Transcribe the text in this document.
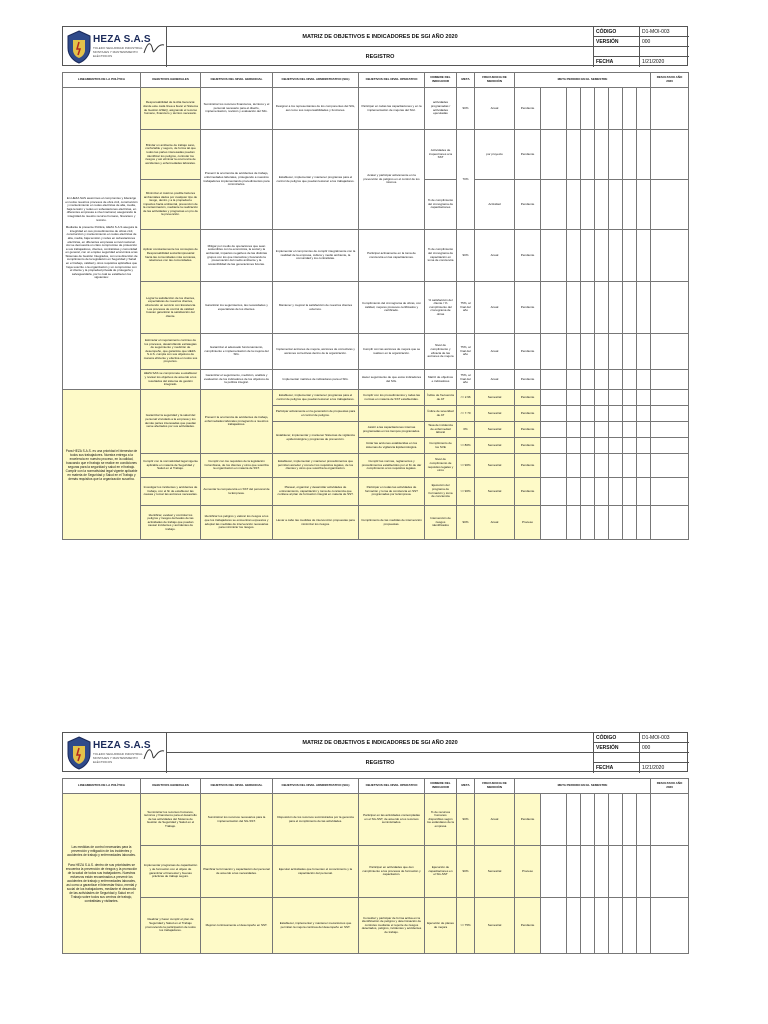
HEZA S.A.S
TOLEDO SEGURIDAD INDUSTRIAL MONTAJES Y MANTENIMIENTO ELÉCTRICOS
MATRIZ DE OBJETIVOS E INDICADORES DE SGI AÑO 2020
REGISTRO
CÓDIGO	D1-MOI-003
VERSIÓN	000
FECHA	1/21/2020
LINEAMIENTOS DE LA POLÍTICA	OBJETIVOS GENERALES	OBJETIVOS DEL NIVEL GERENCIAL	OBJETIVOS DEL NIVEL ADMINISTRATIVO (SIG)	OBJETIVOS DEL NIVEL OPERATIVO	NOMBRE DEL INDICADOR	META	FRECUENCIA DE MEDICIÓN	META PERIODO EN EL SEMESTRE								RESULTADO AÑO 2020

En HEZA SAS asumimos el compromiso y liderazgo en todos nuestros procesos de obra civil, construcción y mantenimiento en redes eléctricas de alta, media, baja tensión y redes en subestaciones eléctricas, en diferentes empresas a nivel nacional, asegurando la integridad de nuestro recurso humano, financiero y técnico.
Mediante la presente Política, HEZA S.A.S asegura la integridad en sus procedimientos de obras civil, construcción y mantenimiento en redes eléctricas de alta, media, baja tensión y redes en subestaciones eléctricas, en diferentes empresas a nivel nacional. Así se demuestra un claro compromiso de protección a sus trabajadores, clientes, contratistas y comunidad en general, con un empleo seguridad económica a las Sistemas de Gestión Integrados, con una dirección de cumplimiento de la legislación en Seguridad y Salud en el trabajo, calidad y otros requisitos aplicables que haya suscrito o la organización y un compromiso con el cliente y la propiedad privada de protegerla y salvaguardarla, por lo cual se establecen los siguientes:	Responsabilidad de la Alta Gerencia: donde este cada línea a llevar el Sistema de Gestión HSEQ, asignando el recurso humano, financiero y técnico necesario.	Suministrar los recursos financieros, técnicos y el personal necesario para el diseño, implementación, revisión y evaluación del SIG.	Designar a los representantes de los componentes del SIG, así como sus responsabilidades y funciones.	Participar en todas las capacitaciones y en la implementación de mejoras del SGI.	actividades programadas / actividades ejecutadas	90%	Anual	Pendiente								
	Brindar un ambiente de trabajo sano, confortable y seguro, de forma tal que todos las partes interesadas puedan identificar los peligros, controlar los riesgos y así eliminar la ocurrencia de accidentes y enfermedades laborales.	Prevenir la ocurrencia de accidentes de trabajo, enfermedades laborales, protegiendo a nuestros trabajadores implementando procedimientos para minimizarlos.	Establecer, implementar y mantener programas para el control de peligros que puedan lesionar a los trabajadores.	Acatar y participar activamente en la prevención de peligros en el control de los mismos.	Actividades de inspecciones a la SST	70%	por proyecto	Pendiente								
	Minimizar el máximo posible factores ambientales dados por cualquier tipo de riesgo, dentro y a la propiedad e impactos hacia ambiental, prevención de la contaminación, mediante la realización de las actividades y programas en pro de la prevención.				% de cumplimiento del cronograma de capacitaciones		Actividad	Pendiente								
	Aplicar constantemente los conceptos de Responsabilidad social Empresarial hacia las comunidades más cercanas, relaciones con las comunidades.	Mitigar por medio de operaciones que sean sostenibles con la económica, la social y la ambiental, impactos negativos de las distintas grupos con los que interactúa y buscando la preservación del medio ambiente y la sostenibilidad de las generaciones futuras.	Implementar el compromiso de cumplir integralmente con la realidad de la empresa, cultura y medio ambiente, la comunidad y los contratistas.	Participar activamente en la toma de conciencia en las capacitaciones.	% de cumplimiento del cronograma de capacitación en toma de conciencia	90%	Anual	Pendiente								
	Lograr la satisfacción de los clientes, expectativas de nuestros clientes, ofreciendo un servicio con Excelencia. Los procesos de control de calidad buscan garantizar la satisfacción del cliente.	Garantizar los seguimientos, las necesidades y expectativas de los clientes.	Mantener y mejorar la satisfacción de nuestros clientes externos.	Cumplimiento del cronograma de obras, con calidad, mejores procesos certificados y certificado.	% satisfacción del cliente / % cumplimiento del cronograma de obras	75%, al final del año	Anual	Pendiente								
	Estimular el mejoramiento continuo de los procesos, desarrollando estrategias de seguimiento y medición de desempeño, que garantice que HEZA S.A.S. cumpla con sus objetivos de manera eficiente y efectiva en todos sus proyectos.	Garantizar el adecuado funcionamiento, cumplimiento e implementación de la mejora del SIG.	Implementar acciones de mejora, acciones de correctivas y acciones correctivas dentro de la organización.	Cumplir con las acciones de mejora que se realicen en la organización.	Nivel de cumplimiento y eficacia de las acciones de mejora	75%, al final del año	Anual	Pendiente								
	HEZA SAS se compromete a establecer y revisar los objetivos de acuerdo a los resultados del sistema de gestión integrado.	Garantizar el seguimiento, medición, análisis y evaluación de los indicadores de los objetivos de la política integral.	Implementar matrices de indicadores para el SIG.	Hacer seguimiento de que estos indicadores del SIG.	Matriz de objetivos e indicadores	75%, al final del año	Anual	Pendiente								

Para HEZA S.A.S. es una prioridad el bienestar de todos sus trabajadores. Nuestra entrega a la excelencia en nuestro proceso, en la calidad, buscando que el trabajo se realice en condiciones seguras para la seguridad y salud en el trabajo. Cumplir con la normatividad legal vigente aplicable en materia de Seguridad y Salud en el Trabajo y demás requisitos que la organización suscriba.	Garantizar la seguridad y la salud del personal vinculado a la empresa y los demás partes interesadas que puedan verse afectados por sus actividades.	Prevenir la ocurrencia de accidentes de trabajo, enfermedades laborales protegiendo a nuestros trabajadores.	Establecer, implementar y mantener programas para el control de peligros que puedan lesionar a los trabajadores.	Cumplir con los procedimientos y todas las normas en materia de SST establecidas.	Índice de frecuencia de AT	<= 2.96	Semestral	Pendiente								
			Participar activamente en la generación de propuestas para el control de peligros.		Índice de severidad de AT	<= 7.70	Semestral	Pendiente								
			Establecer, implementar y mantener Sistemas de vigilancia epidemiológica y programas de prevención.	Asistir a las capacitaciones internas programadas en los tiempos programados.	Tasa de incidencia de enfermedad laboral	0%	Semestral	Pendiente								
				Imitar las acciones establecidas en los sistemas de vigilancia Epidemiológica.	Cumplimiento de los SVE	>= 80%	Semestral	Pendiente								
	Cumplir con la normatividad legal vigente aplicable en materia de Seguridad y Salud en el Trabajo.	Cumplir con los requisitos de la legislación Colombiana, de los clientes y otros que suscriba la organización en materia de SST.	Establecer, implementar y mantener procedimientos que permitan acceder y conocer los requisitos legales, de los clientes y otros que suscriba la organización.	Cumplir las normas, reglamentos y procedimientos establecidos por el fin de dar cumplimiento a los requisitos legales.	Nivel de cumplimiento de requisitos legales y otros	>= 90%	Semestral	Pendiente								
	Investigar los incidentes y accidentes de trabajo, con el fin de establecer las causas y tomar las acciones necesarias.	Aumentar la competencia en SST del personal de la Empresa.	Planear, organizar y desarrollar actividades de entrenamiento, capacitación y toma de conciencia que conlleve al plan de formación integral en materia de SST.	Participar en todas las actividades de formación y toma de conciencia en SST programadas por la Empresa.	Ejecución del programa de Formación y toma de conciencia	>= 90%	Semestral	Pendiente								
	Identificar, evaluar y controlar los peligros y riesgos derivados de las actividades de trabajo que puedan causar incidentes y accidentes de trabajo.	Identificar los peligros y valorar los riesgos a los que los trabajadores se encuentran expuestos y adoptar las medidas de intervención necesarias para minimizar los riesgos.	Llevar a cabo las medidas de intervención propuestas para minimizar los riesgos.	Cumplimiento de las medidas de intervención propuestas.	Intervención de riesgos identificados	90%	Anual	Proceso								
HEZA S.A.S
TOLEDO SEGURIDAD INDUSTRIAL MONTAJES Y MANTENIMIENTO ELÉCTRICOS
MATRIZ DE OBJETIVOS E INDICADORES DE SGI AÑO 2020
REGISTRO
CÓDIGO	D1-MOI-003
VERSIÓN	000
FECHA	1/21/2020
LINEAMIENTOS DE LA POLÍTICA	OBJETIVOS GENERALES	OBJETIVOS DEL NIVEL GERENCIAL	OBJETIVOS DEL NIVEL ADMINISTRATIVO (SIG)	OBJETIVOS DEL NIVEL OPERATIVO	NOMBRE DEL INDICADOR	META	FRECUENCIA DE MEDICIÓN	META PERIODO EN EL SEMESTRE								RESULTADO AÑO 2020

Las medidas de control necesarias para la prevención y mitigación de los incidentes y accidentes de trabajo y enfermedades laborales.
Para HEZA S.A.S. dentro de sus prioridades se encuentra la prevención de riesgos y la promoción de la salud de todos sus trabajadores. Nuestros esfuerzos están encaminados a prevenir los accidentes de trabajo y enfermedades laborales, así como a garantizar el bienestar físico, mental y social de los trabajadores, mediante el desarrollo de las actividades de Seguridad y Salud en el Trabajo sobre todos sus centros de trabajo, contratistas y visitantes.	Suministrar los recursos humanos, técnicos y financieros para el desarrollo de las actividades del Sistema de Gestión de Seguridad y Salud en el Trabajo.	Suministrar los recursos necesarios para la implementación del SG-SST.	Disposición de los recursos suministrados por la gerencia para el cumplimiento de las actividades.	Participar en las actividades contempladas en el SG-SST, de acuerdo a los recursos suministrados.	% de recursos humanos disponibles según los estándares de la empresa	90%	Anual	Pendiente								
	Implementar programas de capacitación y de formación con el objeto de garantizar el bienestar y buenas prácticas de trabajo seguro.	Planificar la formación y capacitación del personal de acuerdo a las necesidades.	Ejecutar actividades que fomenten el conocimiento y la capacitación del personal.	Participar en actividades que den cumplimiento a los procesos de formación y capacitación.	Ejecución de capacitaciones en el SG-SST	90%	Semestral	Proceso								
	Realizar y hacer cumplir el plan de Seguridad y Salud en el Trabajo promoviendo la participación de todos los trabajadores.	Mejorar continuamente el desempeño en SST.	Establecer, implementar y mantener mecanismos que permitan la mejora continua del desempeño en SST.	Consultar y participar de forma activa en la identificación de peligros y determinación de controles mediante el reporte de riesgos detectados, peligros, incidentes y accidentes de trabajo.	Ejecución de planes de mejora	>= 75%	Semestral	Pendiente								
